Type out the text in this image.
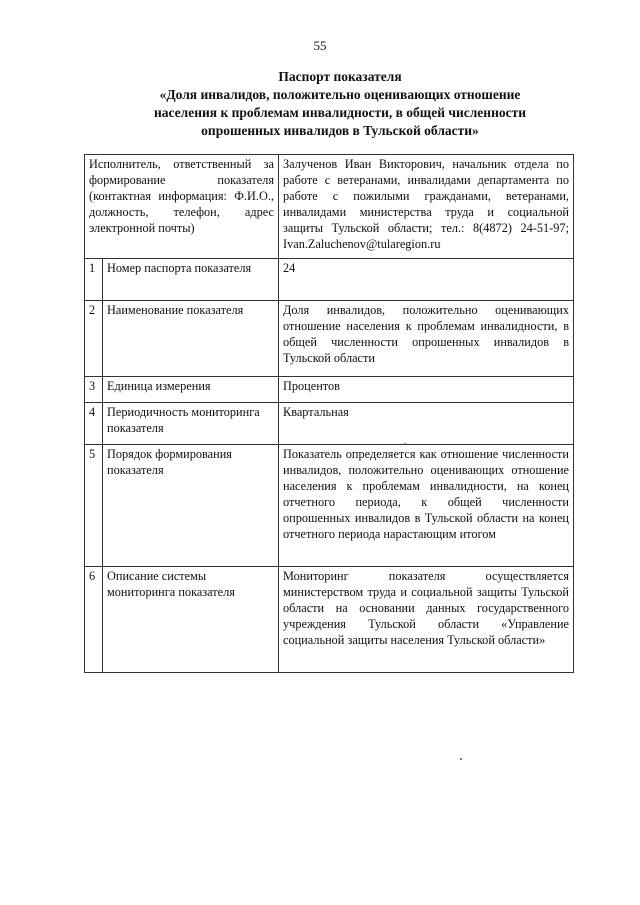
55
Паспорт показателя
«Доля инвалидов, положительно оценивающих отношение
населения к проблемам инвалидности, в общей численности
опрошенных инвалидов в Тульской области»
Исполнитель, ответственный за формирование показателя (контактная информация: Ф.И.О., должность, телефон, адрес электронной почты)		Залученов Иван Викторович, начальник отдела по работе с ветеранами, инвалидами департамента по работе с пожилыми гражданами, ветеранами, инвалидами министерства труда и социальной защиты Тульской области; тел.: 8(4872) 24-51-97; Ivan.Zaluchenov@tularegion.ru
1	Номер паспорта показателя	24
2	Наименование показателя	Доля инвалидов, положительно оценивающих отношение населения к проблемам инвалидности, в общей численности опрошенных инвалидов в Тульской области
3	Единица измерения	Процентов
4	Периодичность мониторинга показателя	Квартальная
5	Порядок формирования показателя	Показатель определяется как отношение численности инвалидов, положительно оценивающих отношение населения к проблемам инвалидности, на конец отчетного периода, к общей численности опрошенных инвалидов в Тульской области на конец отчетного периода нарастающим итогом
6	Описание системы мониторинга показателя	Мониторинг показателя осуществляется министерством труда и социальной защиты Тульской области на основании данных государственного учреждения Тульской области «Управление социальной защиты населения Тульской области»
